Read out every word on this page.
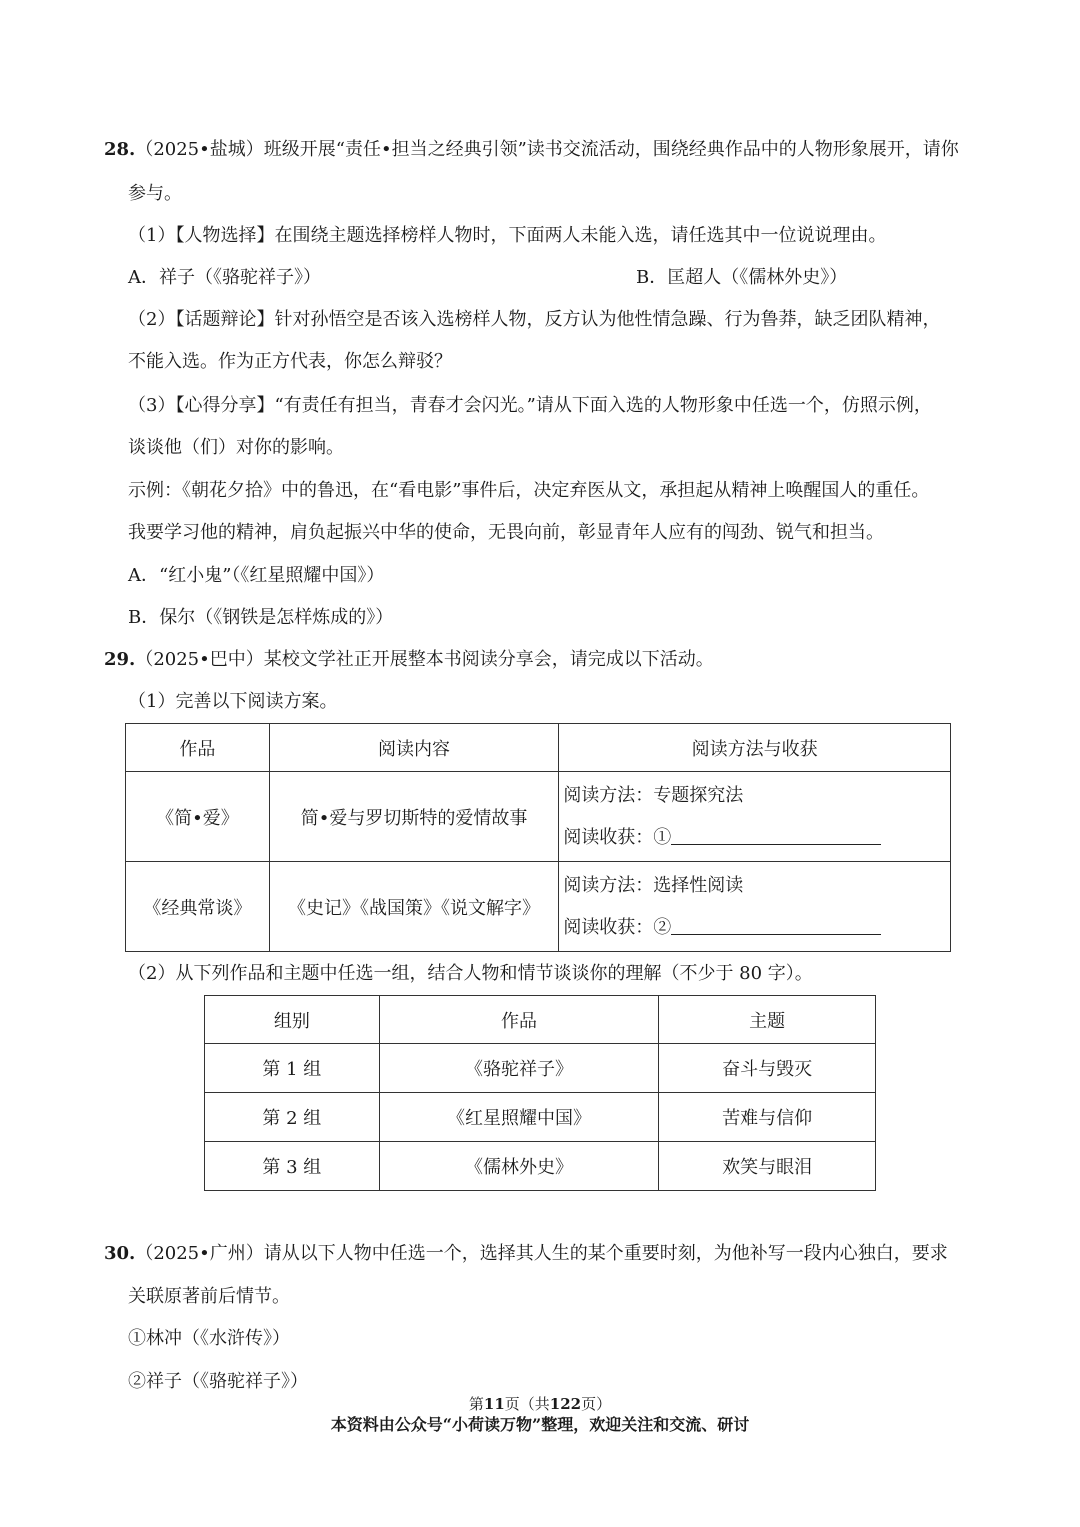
28.（2025•盐城）班级开展“责任•担当之经典引领”读书交流活动，围绕经典作品中的人物形象展开，请你
参与。
（1）【人物选择】在围绕主题选择榜样人物时，下面两人未能入选，请任选其中一位说说理由。
A．祥子（《骆驼祥子》）	B．匡超人（《儒林外史》）
（2）【话题辩论】针对孙悟空是否该入选榜样人物，反方认为他性情急躁、行为鲁莽，缺乏团队精神，
不能入选。作为正方代表，你怎么辩驳？
（3）【心得分享】“有责任有担当，青春才会闪光。”请从下面入选的人物形象中任选一个，仿照示例，
谈谈他（们）对你的影响。
示例：《朝花夕拾》中的鲁迅，在“看电影”事件后，决定弃医从文，承担起从精神上唤醒国人的重任。
我要学习他的精神，肩负起振兴中华的使命，无畏向前，彰显青年人应有的闯劲、锐气和担当。
A．“红小鬼”（《红星照耀中国》）
B．保尔（《钢铁是怎样炼成的》）
29.（2025•巴中）某校文学社正开展整本书阅读分享会，请完成以下活动。
（1）完善以下阅读方案。
作品	阅读内容	阅读方法与收获
《简•爱》	简•爱与罗切斯特的爱情故事	阅读方法：专题探究法
阅读收获：①

《经典常谈》	《史记》《战国策》《说文解字》	阅读方法：选择性阅读
阅读收获：②
（2）从下列作品和主题中任选一组，结合人物和情节谈谈你的理解（不少于 80 字）。
组别	作品	主题
第 1 组	《骆驼祥子》	奋斗与毁灭
第 2 组	《红星照耀中国》	苦难与信仰
第 3 组	《儒林外史》	欢笑与眼泪
30.（2025•广州）请从以下人物中任选一个，选择其人生的某个重要时刻，为他补写一段内心独白，要求
关联原著前后情节。
①林冲（《水浒传》）
②祥子（《骆驼祥子》）
第11页（共122页）
本资料由公众号“小荷读万物”整理，欢迎关注和交流、研讨
